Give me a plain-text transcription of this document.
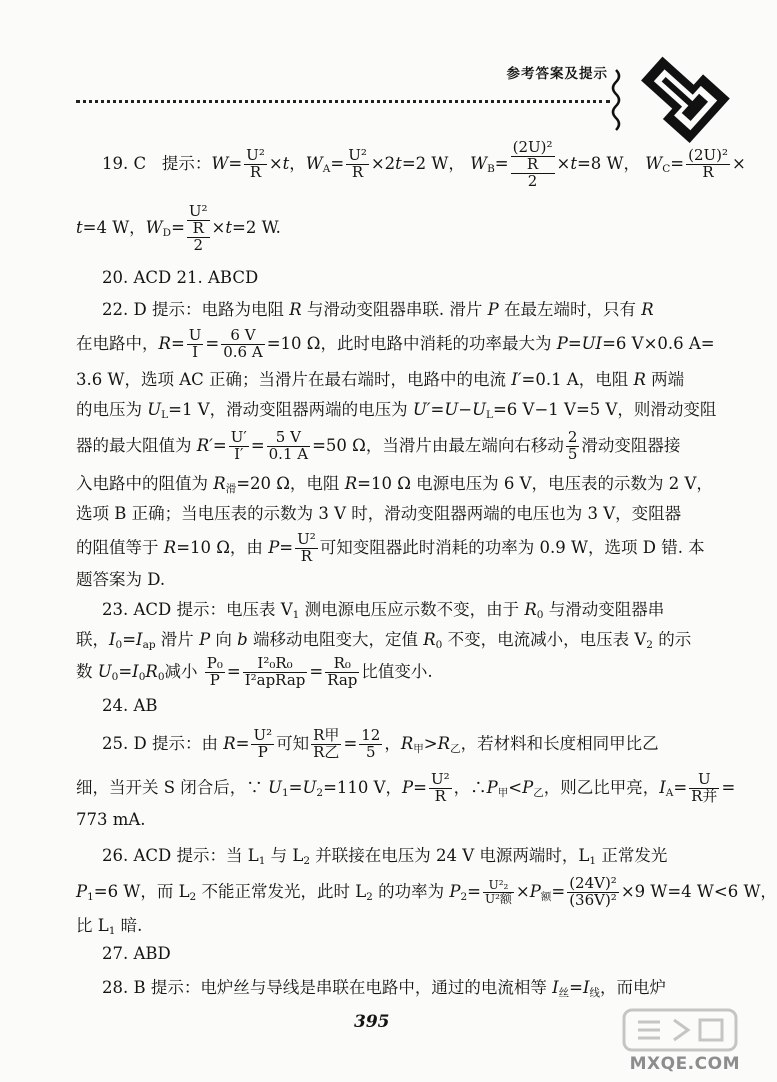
参考答案及提示
19. C 提示：$W= \frac{\text{U²}}{R} \times t$，$W_A= \frac{\text{U²}}{R} \times 2t=2$ W， $W_B=$
(2U)²
R
2
×t=8 W， $W_C= \frac{\text{(2U)²}}{R}$ ×
t=4 W，$W_D=$
U²
R
2
×t=2 W.
20. ACD 21. ABCD
22. D 提示：电路为电阻 R 与滑动变阻器串联. 滑片 P 在最左端时，只有 R
在电路中，$R= \frac{U}{I} = \frac{6 V}{0.6 A} =10$ Ω，此时电路中消耗的功率最大为 P=UI=6 V×0.6 A=
3.6 W，选项 AC 正确；当滑片在最右端时，电路中的电流 I′=0.1 A，电阻 R 两端
的电压为 $U_L=1$ V，滑动变阻器两端的电压为 $U'=U-U_L=6$ V−1 V=5 V，则滑动变阻
器的最大阻值为 $R'= \frac{U'}{I'} = \frac{5 V}{0.1 A} =50$ Ω，当滑片由最左端向右移动 $\frac{2}{5}$ 滑动变阻器接
入电路中的阻值为 $R_滑=20$ Ω，电阻 R=10 Ω 电源电压为 6 V，电压表的示数为 2 V，
选项 B 正确；当电压表的示数为 3 V 时，滑动变阻器两端的电压也为 3 V，变阻器
的阻值等于 R=10 Ω，由 $P= \frac{\text{U²}}{R}$ 可知变阻器此时消耗的功率为 0.9 W，选项 D 错. 本
题答案为 D.
23. ACD 提示：电压表 $V_1$ 测电源电压应示数不变，由于 $R_0$ 与滑动变阻器串
联，$I_0=I_{ap}$ 滑片 P 向 b 端移动电阻变大，定值 $R_0$ 不变，电流减小，电压表 $V_2$ 的示
数 $U_0=I_0R_0$减小 $\frac{\text{P₀}}{P} = \frac{\text{I²₀R₀}}{\text{I²apRap}} = \frac{\text{R₀}}{\text{Rap}}$ 比值变小.
24. AB
25. D 提示：由 $R= \frac{\text{U²}}{P}$ 可知 $\frac{\text{R甲}}{\text{R乙}} = \frac{12}{5}$ ，$R_甲>R_乙$，若材料和长度相同甲比乙
细，当开关 S 闭合后，∵ $U_1=U_2=110$ V，$P= \frac{\text{U²}}{R}$ ，$\therefore P_甲<P_乙$，则乙比甲亮，$I_A= \frac{U}{\text{R并}}$ =
773 mA.
26. ACD 提示：当 $L_1$ 与 $L_2$ 并联接在电压为 24 V 电源两端时，$L_1$ 正常发光
$P_1=6$ W，而 $L_2$ 不能正常发光，此时 $L_2$ 的功率为 $P_2= \frac{\text{U²₂}}{\text{U²额}} \times P_额= \frac{\text{(24V)²}}{\text{(36V)²}} \times 9$ W=4 W<6 W，
比 $L_1$ 暗.
27. ABD
28. B 提示：电炉丝与导线是串联在电路中，通过的电流相等 $I_丝=I_线$，而电炉
395
MXQE.COM
